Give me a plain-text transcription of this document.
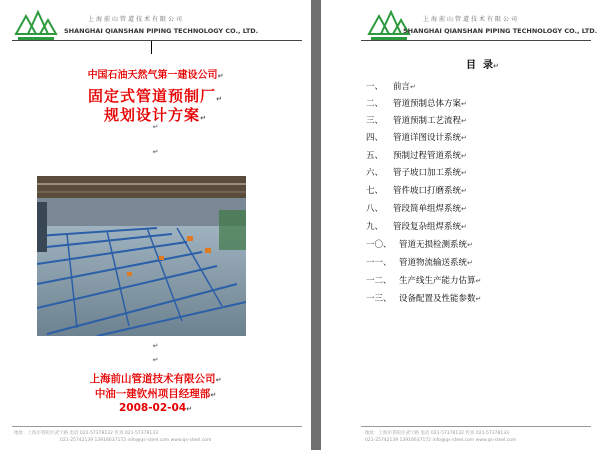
上海前山管道技术有限公司
SHANGHAI QIANSHAN PIPING TECHNOLOGY CO., LTD.
中国石油天然气第一建设公司↵
固定式管道预制厂↵
规划设计方案↵
↵
↵
↵
↵
上海前山管道技术有限公司↵
中油一建钦州项目经理部↵
2008-02-04↵
地址：上海市普陀区武宁路 电话 021-57378132 传真 021-57378133
021-25742139 13916637172 info@qs-steel.com www.qs-steel.com
上海前山管道技术有限公司
SHANGHAI QIANSHAN PIPING TECHNOLOGY CO., LTD.
目  录↵
一、 前言↵
二、 管道预制总体方案↵
三、 管道预制工艺流程↵
四、 管道详图设计系统↵
五、 预制过程管道系统↵
六、 管子坡口加工系统↵
七、 管件坡口打磨系统↵
八、 管段简单组焊系统↵
九、 管段复杂组焊系统↵
一〇、 管道无损检测系统↵
一一、 管道物流输送系统↵
一二、 生产线生产能力估算↵
一三、 设备配置及性能参数↵
地址：上海市普陀区武宁路 电话 021-57378132 传真 021-57378133
021-25742139 13916637172 info@qs-steel.com www.qs-steel.com
